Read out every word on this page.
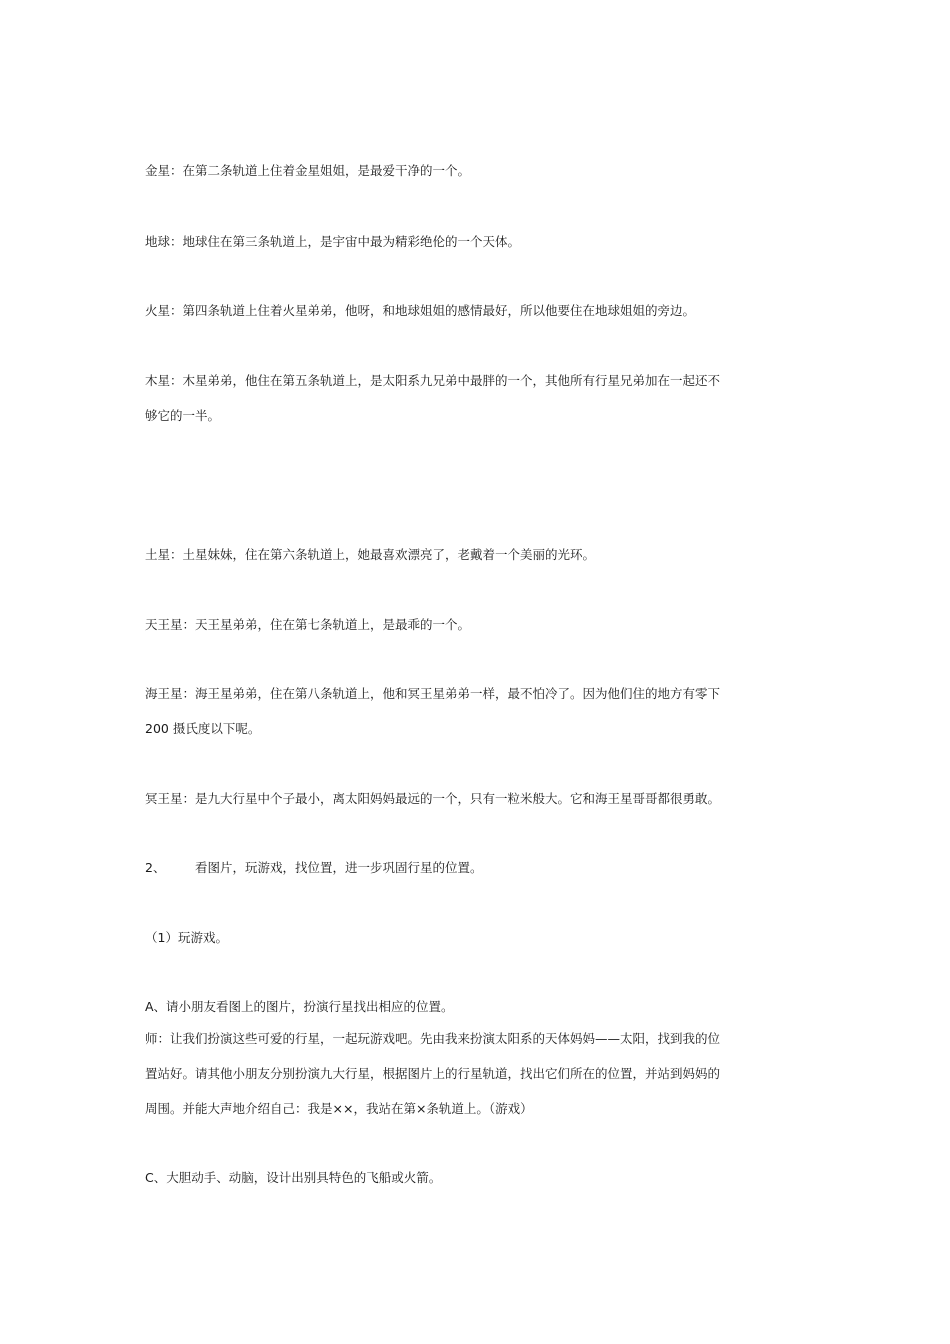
金星：在第二条轨道上住着金星姐姐，是最爱干净的一个。
地球：地球住在第三条轨道上，是宇宙中最为精彩绝伦的一个天体。
火星：第四条轨道上住着火星弟弟，他呀，和地球姐姐的感情最好，所以他要住在地球姐姐的旁边。
木星：木星弟弟，他住在第五条轨道上，是太阳系九兄弟中最胖的一个，其他所有行星兄弟加在一起还不
够它的一半。
土星：土星妹妹，住在第六条轨道上，她最喜欢漂亮了，老戴着一个美丽的光环。
天王星：天王星弟弟，住在第七条轨道上，是最乖的一个。
海王星：海王星弟弟，住在第八条轨道上，他和冥王星弟弟一样，最不怕冷了。因为他们住的地方有零下
200 摄氏度以下呢。
冥王星：是九大行星中个子最小，离太阳妈妈最远的一个，只有一粒米般大。它和海王星哥哥都很勇敢。
2、 看图片，玩游戏，找位置，进一步巩固行星的位置。
（1）玩游戏。
A、请小朋友看图上的图片，扮演行星找出相应的位置。
师：让我们扮演这些可爱的行星，一起玩游戏吧。先由我来扮演太阳系的天体妈妈——太阳，找到我的位
置站好。请其他小朋友分别扮演九大行星，根据图片上的行星轨道，找出它们所在的位置，并站到妈妈的
周围。并能大声地介绍自己：我是××，我站在第×条轨道上。（游戏）
C、大胆动手、动脑，设计出别具特色的飞船或火箭。
